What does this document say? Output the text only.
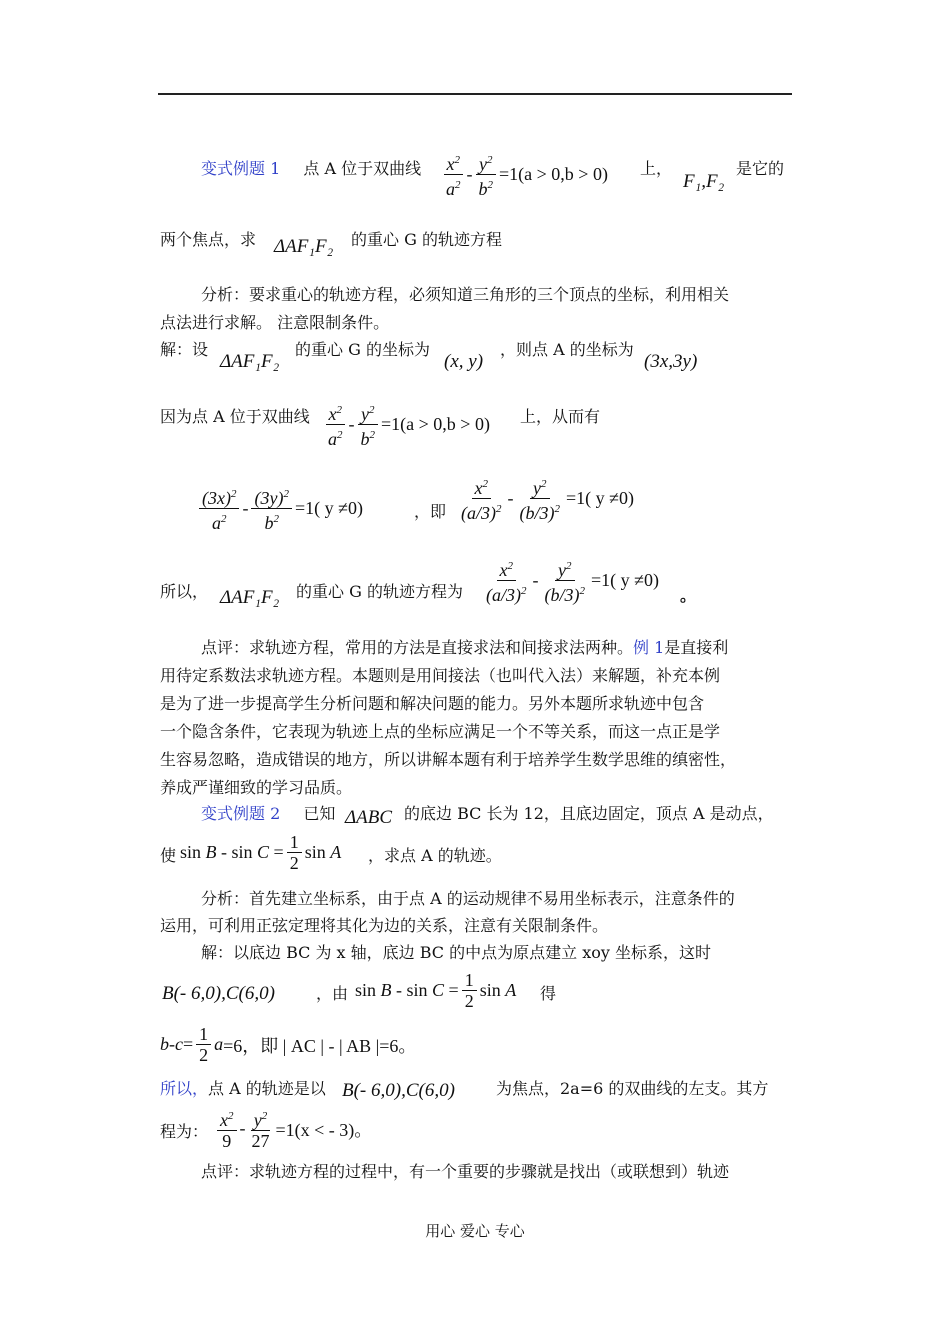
变式例题 1 点 A 位于双曲线 $\frac{x^2}{a^2} - \frac{y^2}{b^2} =1(a > 0,b > 0)$ 上，
F₁,F₂
是它的
两个焦点，求 ΔAF₁F₂ 的重心 G 的轨迹方程
分析：要求重心的轨迹方程，必须知道三角形的三个顶点的坐标，利用相关
点法进行求解。 注意限制条件。
解：设
ΔAF₁F₂
的重心 G 的坐标为
(x, y)
，则点 A 的坐标为
(3x,3y)
因为点 A 位于双曲线 $\frac{x^2}{a^2} - \frac{y^2}{b^2} =1(a > 0,b > 0)$ 上，从而有
$\frac{(3x)^2}{a^2} - \frac{(3y)^2}{b^2} =1$( y ≠0)	，即 $\frac{x^2}{(a/3)^2} - \frac{y^2}{(b/3)^2} =1$( y ≠0)
所以， ΔAF₁F₂ 的重心 G 的轨迹方程为 $\frac{x^2}{(a/3)^2} - \frac{y^2}{(b/3)^2} =1$( y ≠0)
。
点评：求轨迹方程，常用的方法是直接求法和间接求法两种。例 1是直接利
用待定系数法求轨迹方程。本题则是用间接法（也叫代入法）来解题，补充本例
是为了进一步提高学生分析问题和解决问题的能力。另外本题所求轨迹中包含
一个隐含条件，它表现为轨迹上点的坐标应满足一个不等关系，而这一点正是学
生容易忽略，造成错误的地方，所以讲解本题有利于培养学生数学思维的缜密性，
养成严谨细致的学习品质。
变式例题 2 已知 ΔABC 的底边 BC 长为 12，且底边固定，顶点 A 是动点，
使 $\sin B - \sin C = \frac{1}{2}$ sin A ，求点 A 的轨迹。
分析：首先建立坐标系，由于点 A 的运动规律不易用坐标表示，注意条件的
运用，可利用正弦定理将其化为边的关系，注意有关限制条件。
解：以底边 BC 为 x 轴，底边 BC 的中点为原点建立 xoy 坐标系，这时
B(- 6,0),C(6,0)	，由 $\sin B - \sin C = \frac{1}{2}$ sin A 得
$b - c = \frac{1}{2}$ a =6，即 | AC | - | AB |=6。
所以，点 A 的轨迹是以 B(- 6,0),C(6,0)	为焦点，2a=6 的双曲线的左支。其方
程为： $\frac{x^2}{9} - \frac{y^2}{27} =1(x$ < - 3)。
点评：求轨迹方程的过程中，有一个重要的步骤就是找出（或联想到）轨迹
用心 爱心 专心
